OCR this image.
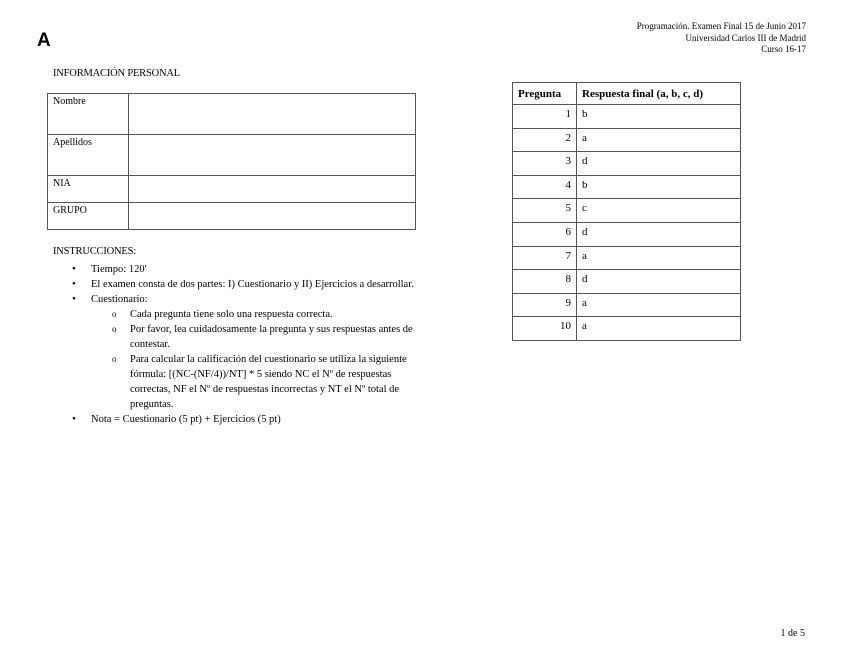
A
Programación. Examen Final 15 de Junio 2017
Universidad Carlos III de Madrid
Curso 16-17
INFORMACIÓN PERSONAL
Nombre	
Apellidos	
NIA	
GRUPO	
INSTRUCCIONES:
• Tiempo: 120'
• El examen consta de dos partes: I) Cuestionario y II) Ejercicios a desarrollar.
• Cuestionario:
o Cada pregunta tiene solo una respuesta correcta.
o Por favor, lea cuidadosamente la pregunta y sus respuestas antes de contestar.
o Para calcular la calificación del cuestionario se utiliza la siguiente fórmula: [(NC-(NF/4))/NT] * 5 siendo NC el Nº de respuestas correctas, NF el Nº de respuestas incorrectas y NT el Nº total de preguntas.
• Nota = Cuestionario (5 pt) + Ejercicios (5 pt)
Pregunta	Respuesta final (a, b, c, d)
1	b
2	a
3	d
4	b
5	c
6	d
7	a
8	d
9	a
10	a
1 de 5
